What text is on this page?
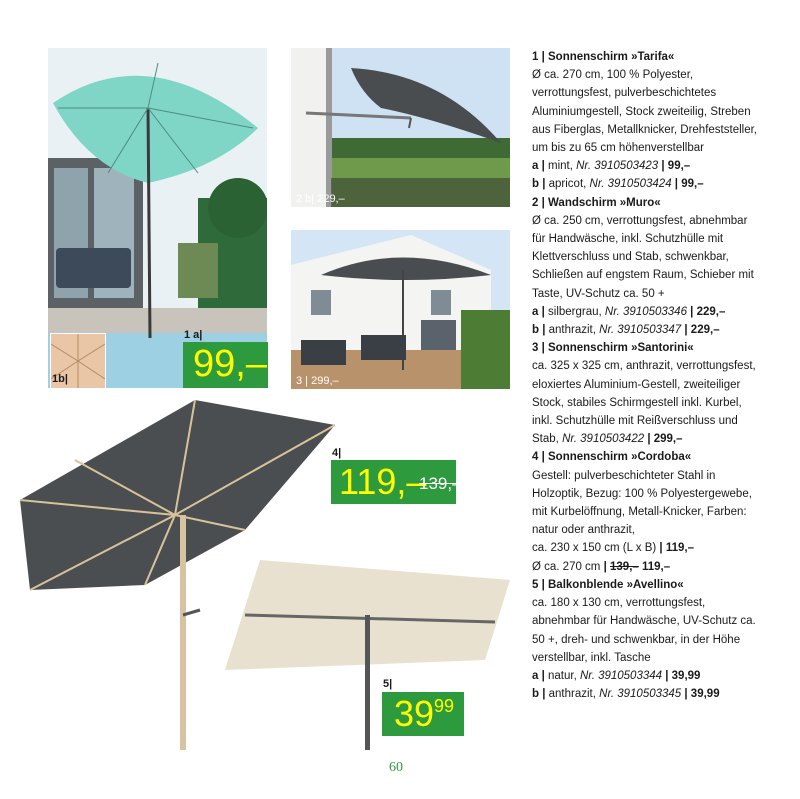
1b|
1 a|
99,–
2 b| 229,–
3 | 299,–
4|
119,–
139,–
5|
$39^{99}$

1 | Sonnenschirm »Tarifa«
Ø ca. 270 cm, 100 % Polyester, verrottungsfest, pulverbeschichtetes Aluminiumgestell, Stock zweiteilig, Streben aus Fiberglas, Metallknicker, Drehfeststeller, um bis zu 65 cm höhenverstellbar
a | mint, Nr. 3910503423 | 99,–
b | apricot, Nr. 3910503424 | 99,–

2 | Wandschirm »Muro«
Ø ca. 250 cm, verrottungsfest, abnehmbar für Handwäsche, inkl. Schutzhülle mit Klettverschluss und Stab, schwenkbar, Schließen auf engstem Raum, Schieber mit Taste, UV-Schutz ca. 50 +
a | silbergrau, Nr. 3910503346 | 229,–
b | anthrazit, Nr. 3910503347 | 229,–

3 | Sonnenschirm »Santorini«
ca. 325 x 325 cm, anthrazit, verrottungsfest, eloxiertes Aluminium-Gestell, zweiteiliger Stock, stabiles Schirmgestell inkl. Kurbel, inkl. Schutzhülle mit Reißverschluss und Stab, Nr. 3910503422 | 299,–

4 | Sonnenschirm »Cordoba«
Gestell: pulverbeschichteter Stahl in Holzoptik, Bezug: 100 % Polyestergewebe, mit Kurbelöffnung, Metall-Knicker, Farben: natur oder anthrazit,
ca. 230 x 150 cm (L x B) | 119,–
Ø ca. 270 cm | 139,– 119,–

5 | Balkonblende »Avellino«
ca. 180 x 130 cm, verrottungsfest, abnehmbar für Handwäsche, UV-Schutz ca. 50 +, dreh- und schwenkbar, in der Höhe verstellbar, inkl. Tasche
a | natur, Nr. 3910503344 | 39,99
b | anthrazit, Nr. 3910503345 | 39,99

60
